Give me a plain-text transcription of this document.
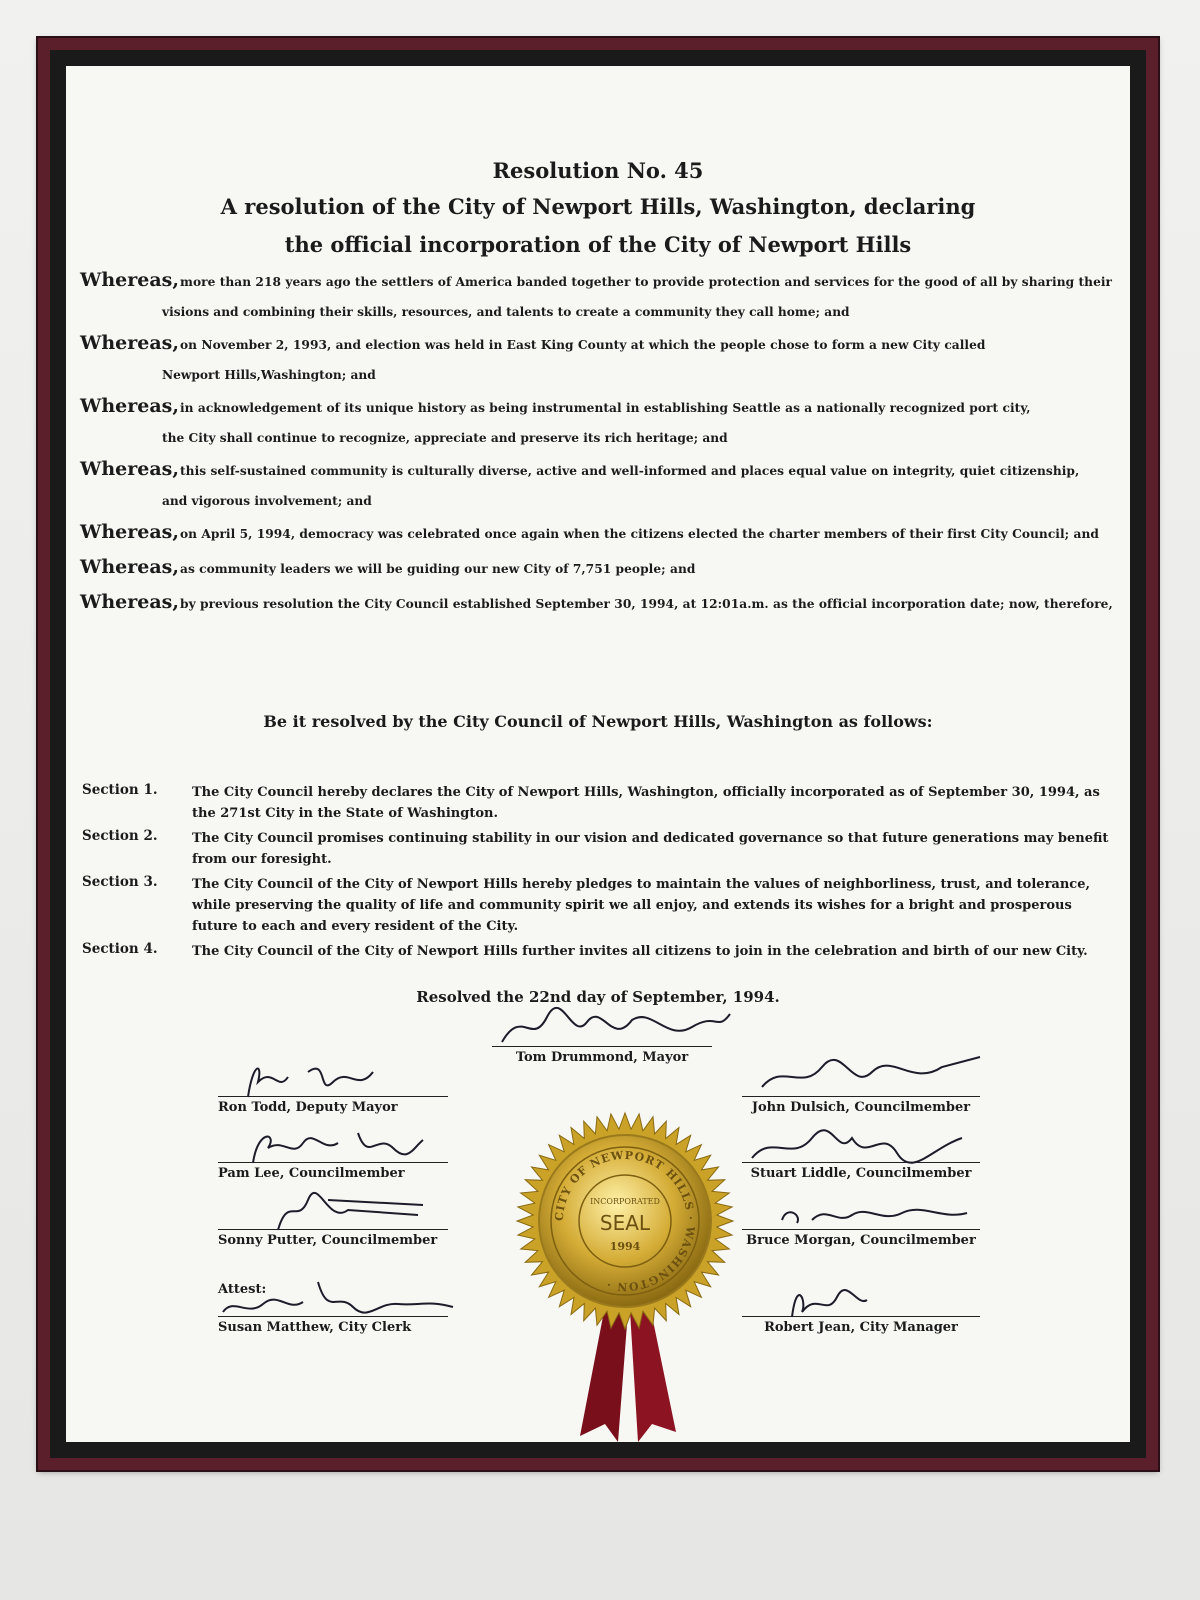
Resolution No. 45
A resolution of the City of Newport Hills, Washington, declaring
the official incorporation of the City of Newport Hills
Whereas,more than 218 years ago the settlers of America banded together to provide protection and services for the good of all by sharing their
visions and combining their skills, resources, and talents to create a community they call home; and
Whereas,on November 2, 1993, and election was held in East King County at which the people chose to form a new City called
Newport Hills,Washington; and
Whereas,in acknowledgement of its unique history as being instrumental in establishing Seattle as a nationally recognized port city,
the City shall continue to recognize, appreciate and preserve its rich heritage; and
Whereas,this self-sustained community is culturally diverse, active and well-informed and places equal value on integrity, quiet citizenship,
and vigorous involvement; and
Whereas,on April 5, 1994, democracy was celebrated once again when the citizens elected the charter members of their first City Council; and
Whereas,as community leaders we will be guiding our new City of 7,751 people; and
Whereas,by previous resolution the City Council established September 30, 1994, at 12:01a.m. as the official incorporation date; now, therefore,
Be it resolved by the City Council of Newport Hills, Washington as follows:
Section 1.	The City Council hereby declares the City of Newport Hills, Washington, officially incorporated as of September 30, 1994, as the 271st City in the State of Washington.
Section 2.	The City Council promises continuing stability in our vision and dedicated governance so that future generations may benefit from our foresight.
Section 3.	The City Council of the City of Newport Hills hereby pledges to maintain the values of neighborliness, trust, and tolerance, while preserving the quality of life and community spirit we all enjoy, and extends its wishes for a bright and prosperous future to each and every resident of the City.
Section 4.	The City Council of the City of Newport Hills further invites all citizens to join in the celebration and birth of our new City.
Resolved the 22nd day of September, 1994.
Tom Drummond, Mayor
Ron Todd, Deputy Mayor
Pam Lee, Councilmember
Sonny Putter, Councilmember
Attest:
Susan Matthew, City Clerk
John Dulsich, Councilmember
Stuart Liddle, Councilmember
Bruce Morgan, Councilmember
Robert Jean, City Manager
CITY OF NEWPORT HILLS · WASHINGTON ·
INCORPORATED
SEAL
1994
